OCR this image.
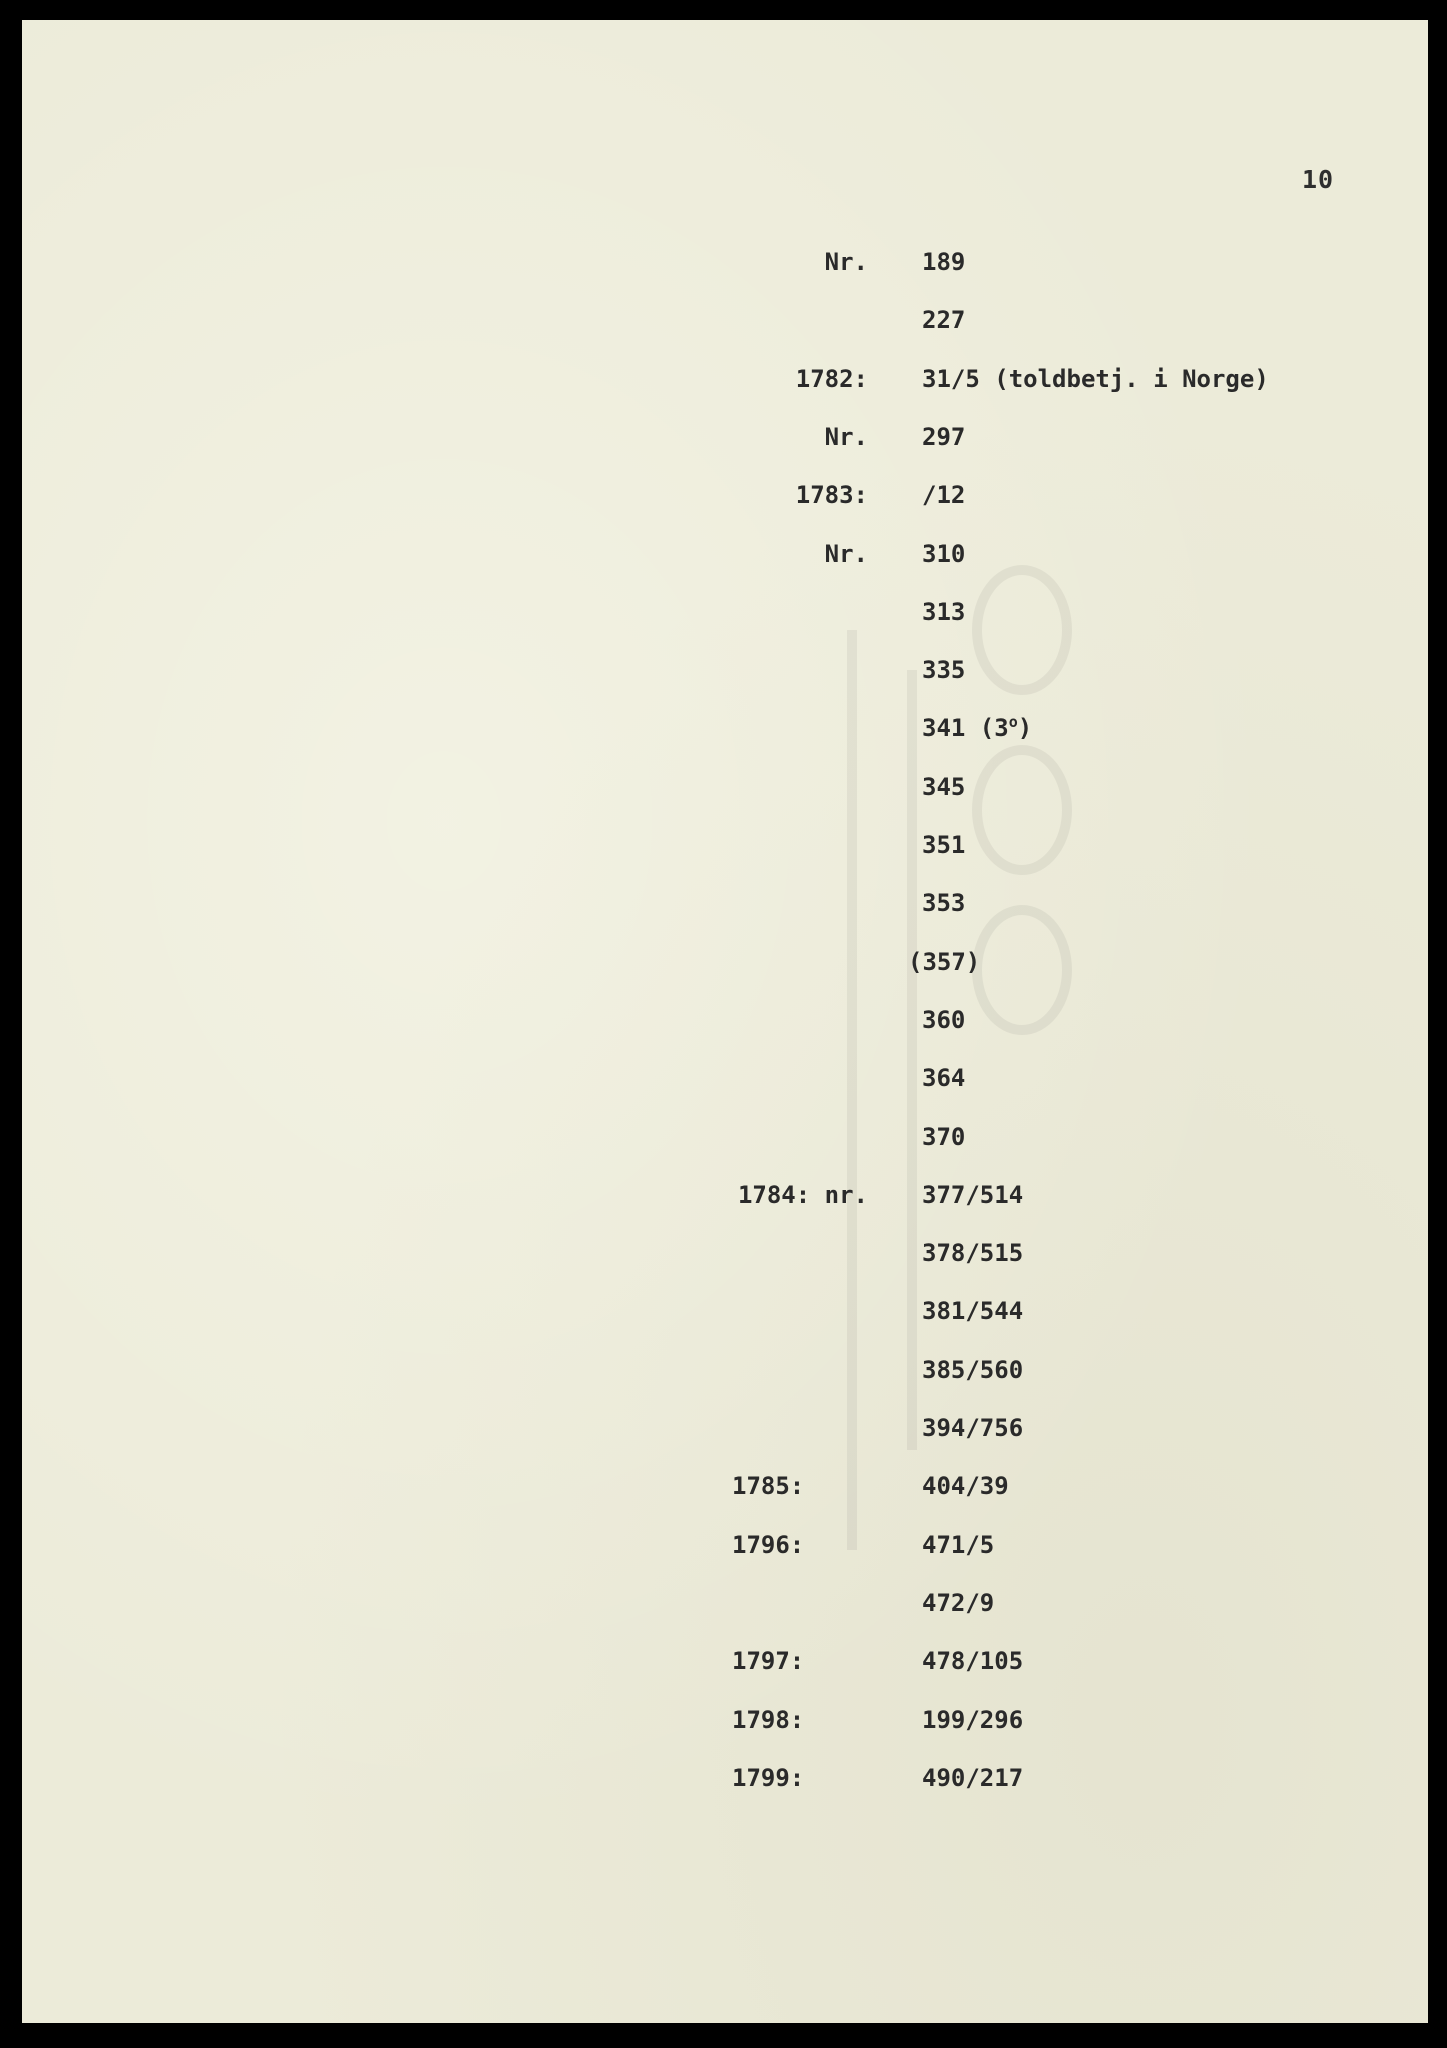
10
Nr. 189
227
1782: 31/5 (toldbetj. i Norge)
Nr. 297
1783: /12
Nr. 310
313
335
341 (3$^o$)
345
351
353
(357)
360
364
370
1784: nr. 377/514
378/515
381/544
385/560
394/756
1785:	404/39
1796:	471/5
472/9
1797:	478/105
1798:	199/296
1799:	490/217
